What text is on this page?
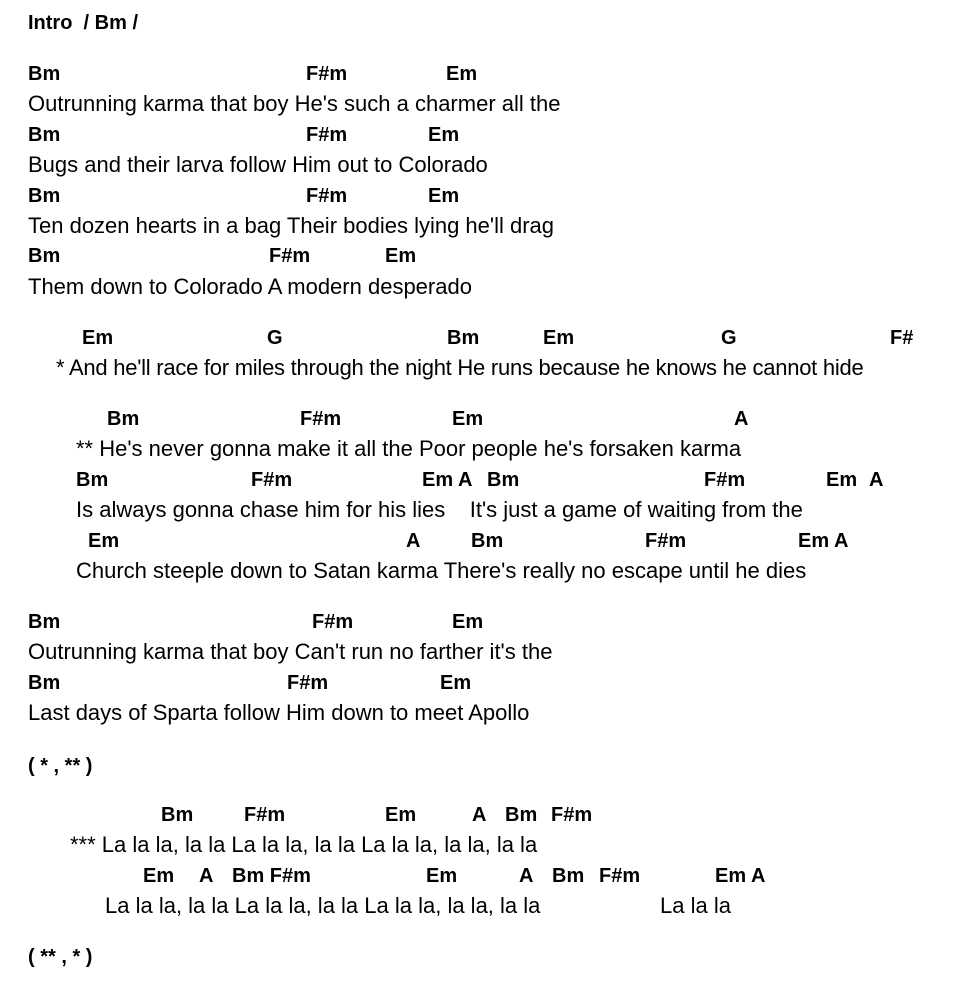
Intro  / Bm /
Bm	F#m	Em
Outrunning karma that boy He's such a charmer all the
Bm	F#m	Em
Bugs and their larva follow Him out to Colorado
Bm	F#m	Em
Ten dozen hearts in a bag Their bodies lying he'll drag
Bm	F#m	Em
Them down to Colorado A modern desperado
Em	G	Bm	Em	G	F#
* And he'll race for miles through the night He runs because he knows he cannot hide
Bm	F#m	Em	A
** He's never gonna make it all the Poor people he's forsaken karma
Bm	F#m	Em A Bm	F#m	Em A
Is always gonna chase him for his lies    It's just a game of waiting from the
Em	A	Bm	F#m	Em A
Church steeple down to Satan karma There's really no escape until he dies
Bm	F#m	Em
Outrunning karma that boy Can't run no farther it's the
Bm	F#m	Em
Last days of Sparta follow Him down to meet Apollo
( * , ** )
Bm	F#m	Em	A Bm F#m
*** La la la, la la La la la, la la La la la, la la, la la
Em A Bm F#m	Em	A Bm F#m	Em A
La la la, la la La la la, la la La la la, la la, la la	La la la
( ** , * )
